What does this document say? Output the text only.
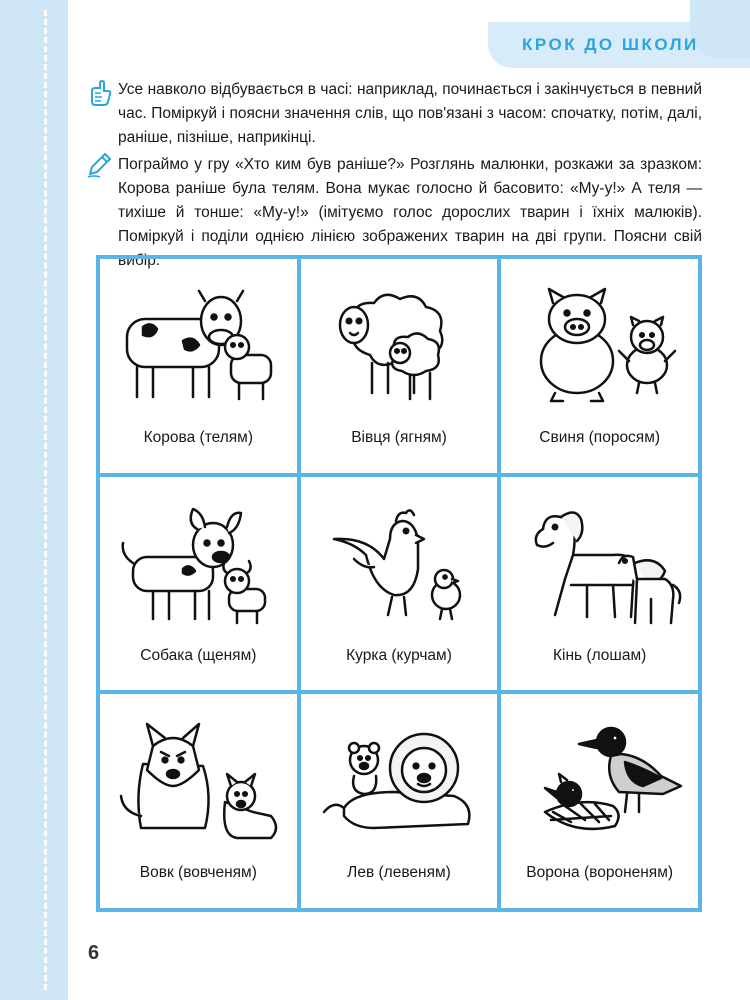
КРОК ДО ШКОЛИ
Усе навколо відбувається в часі: наприклад, починається і закінчується в певний час. Поміркуй і поясни значення слів, що пов'язані з часом: спочатку, потім, далі, раніше, пізніше, наприкінці.
Пограймо у гру «Хто ким був раніше?» Розглянь малюнки, розкажи за зразком: Корова раніше була телям. Вона мукає голосно й басовито: «Му-у!» А теля — тихіше й тонше: «Му-у!» (імітуємо голос дорослих тварин і їхніх малюків). Поміркуй і поділи однією лінією зображених тварин на дві групи. Поясни свій вибір.
Корова (телям)	Вівця (ягням)	Свиня (поросям)
Собака (щеням)	Курка (курчам)	Кінь (лошам)
Вовк (вовченям)	Лев (левеням)	Ворона (вороненям)
6
